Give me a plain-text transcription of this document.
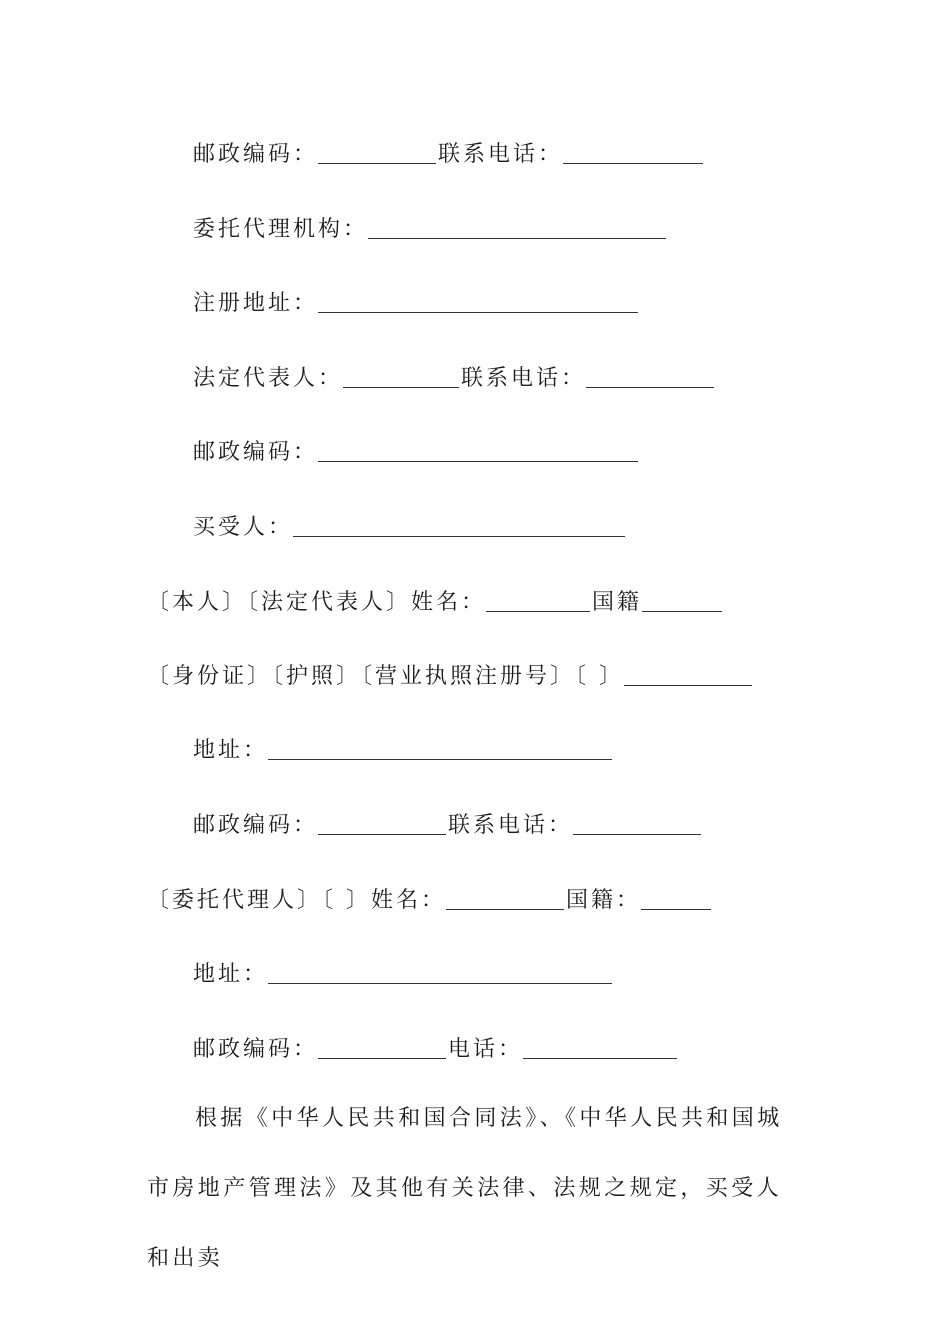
邮政编码：	联系电话：
委托代理机构：
注册地址：
法定代表人：	联系电话：
邮政编码：
买受人：
〔本人〕〔法定代表人〕姓名：	国籍
〔身份证〕〔护照〕〔营业执照注册号〕〔 〕
地址：
邮政编码：	联系电话：
〔委托代理人〕〔 〕姓名：	国籍：
地址：
邮政编码：	电话：
根据《中华人民共和国合同法》、《中华人民共和国城市房地产管理法》及其他有关法律、法规之规定，买受人和出卖
